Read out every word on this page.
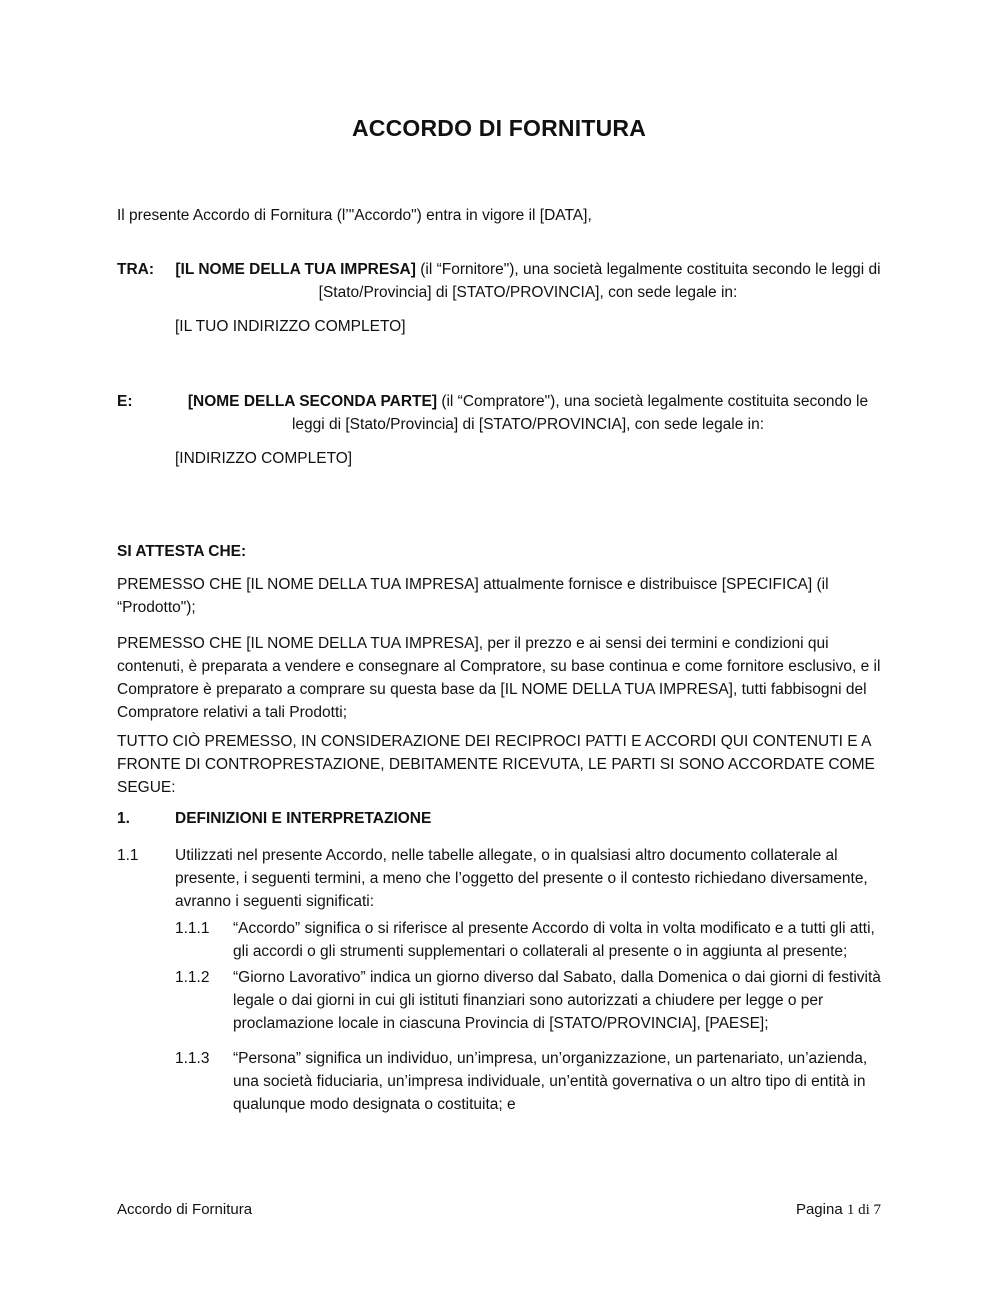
ACCORDO DI FORNITURA

Il presente Accordo di Fornitura (l’"Accordo") entra in vigore il [DATA],

TRA:	[IL NOME DELLA TUA IMPRESA] (il “Fornitore"), una società legalmente costituita secondo le leggi di [Stato/Provincia] di [STATO/PROVINCIA], con sede legale in:

[IL TUO INDIRIZZO COMPLETO]

E:	[NOME DELLA SECONDA PARTE] (il “Compratore"), una società legalmente costituita secondo le leggi di [Stato/Provincia] di [STATO/PROVINCIA], con sede legale in:

[INDIRIZZO COMPLETO]

SI ATTESTA CHE:

PREMESSO CHE [IL NOME DELLA TUA IMPRESA] attualmente fornisce e distribuisce [SPECIFICA] (il “Prodotto");

PREMESSO CHE [IL NOME DELLA TUA IMPRESA], per il prezzo e ai sensi dei termini e condizioni qui contenuti, è preparata a vendere e consegnare al Compratore, su base continua e come fornitore esclusivo, e il Compratore è preparato a comprare su questa base da [IL NOME DELLA TUA IMPRESA], tutti fabbisogni del Compratore relativi a tali Prodotti;

TUTTO CIÒ PREMESSO, IN CONSIDERAZIONE DEI RECIPROCI PATTI E ACCORDI QUI CONTENUTI E A FRONTE DI CONTROPRESTAZIONE, DEBITAMENTE RICEVUTA, LE PARTI SI SONO ACCORDATE COME SEGUE:

1.	DEFINIZIONI E INTERPRETAZIONE

1.1 Utilizzati nel presente Accordo, nelle tabelle allegate, o in qualsiasi altro documento collaterale al presente, i seguenti termini, a meno che l’oggetto del presente o il contesto richiedano diversamente, avranno i seguenti significati:

1.1.1 “Accordo” significa o si riferisce al presente Accordo di volta in volta modificato e a tutti gli atti, gli accordi o gli strumenti supplementari o collaterali al presente o in aggiunta al presente;

1.1.2 “Giorno Lavorativo” indica un giorno diverso dal Sabato, dalla Domenica o dai giorni di festività legale o dai giorni in cui gli istituti finanziari sono autorizzati a chiudere per legge o per proclamazione locale in ciascuna Provincia di [STATO/PROVINCIA], [PAESE];

1.1.3 “Persona” significa un individuo, un’impresa, un’organizzazione, un partenariato, un’azienda, una società fiduciaria, un’impresa individuale, un’entità governativa o un altro tipo di entità in qualunque modo designata o costituita; e

Accordo di Fornitura	Pagina 1 di 7
